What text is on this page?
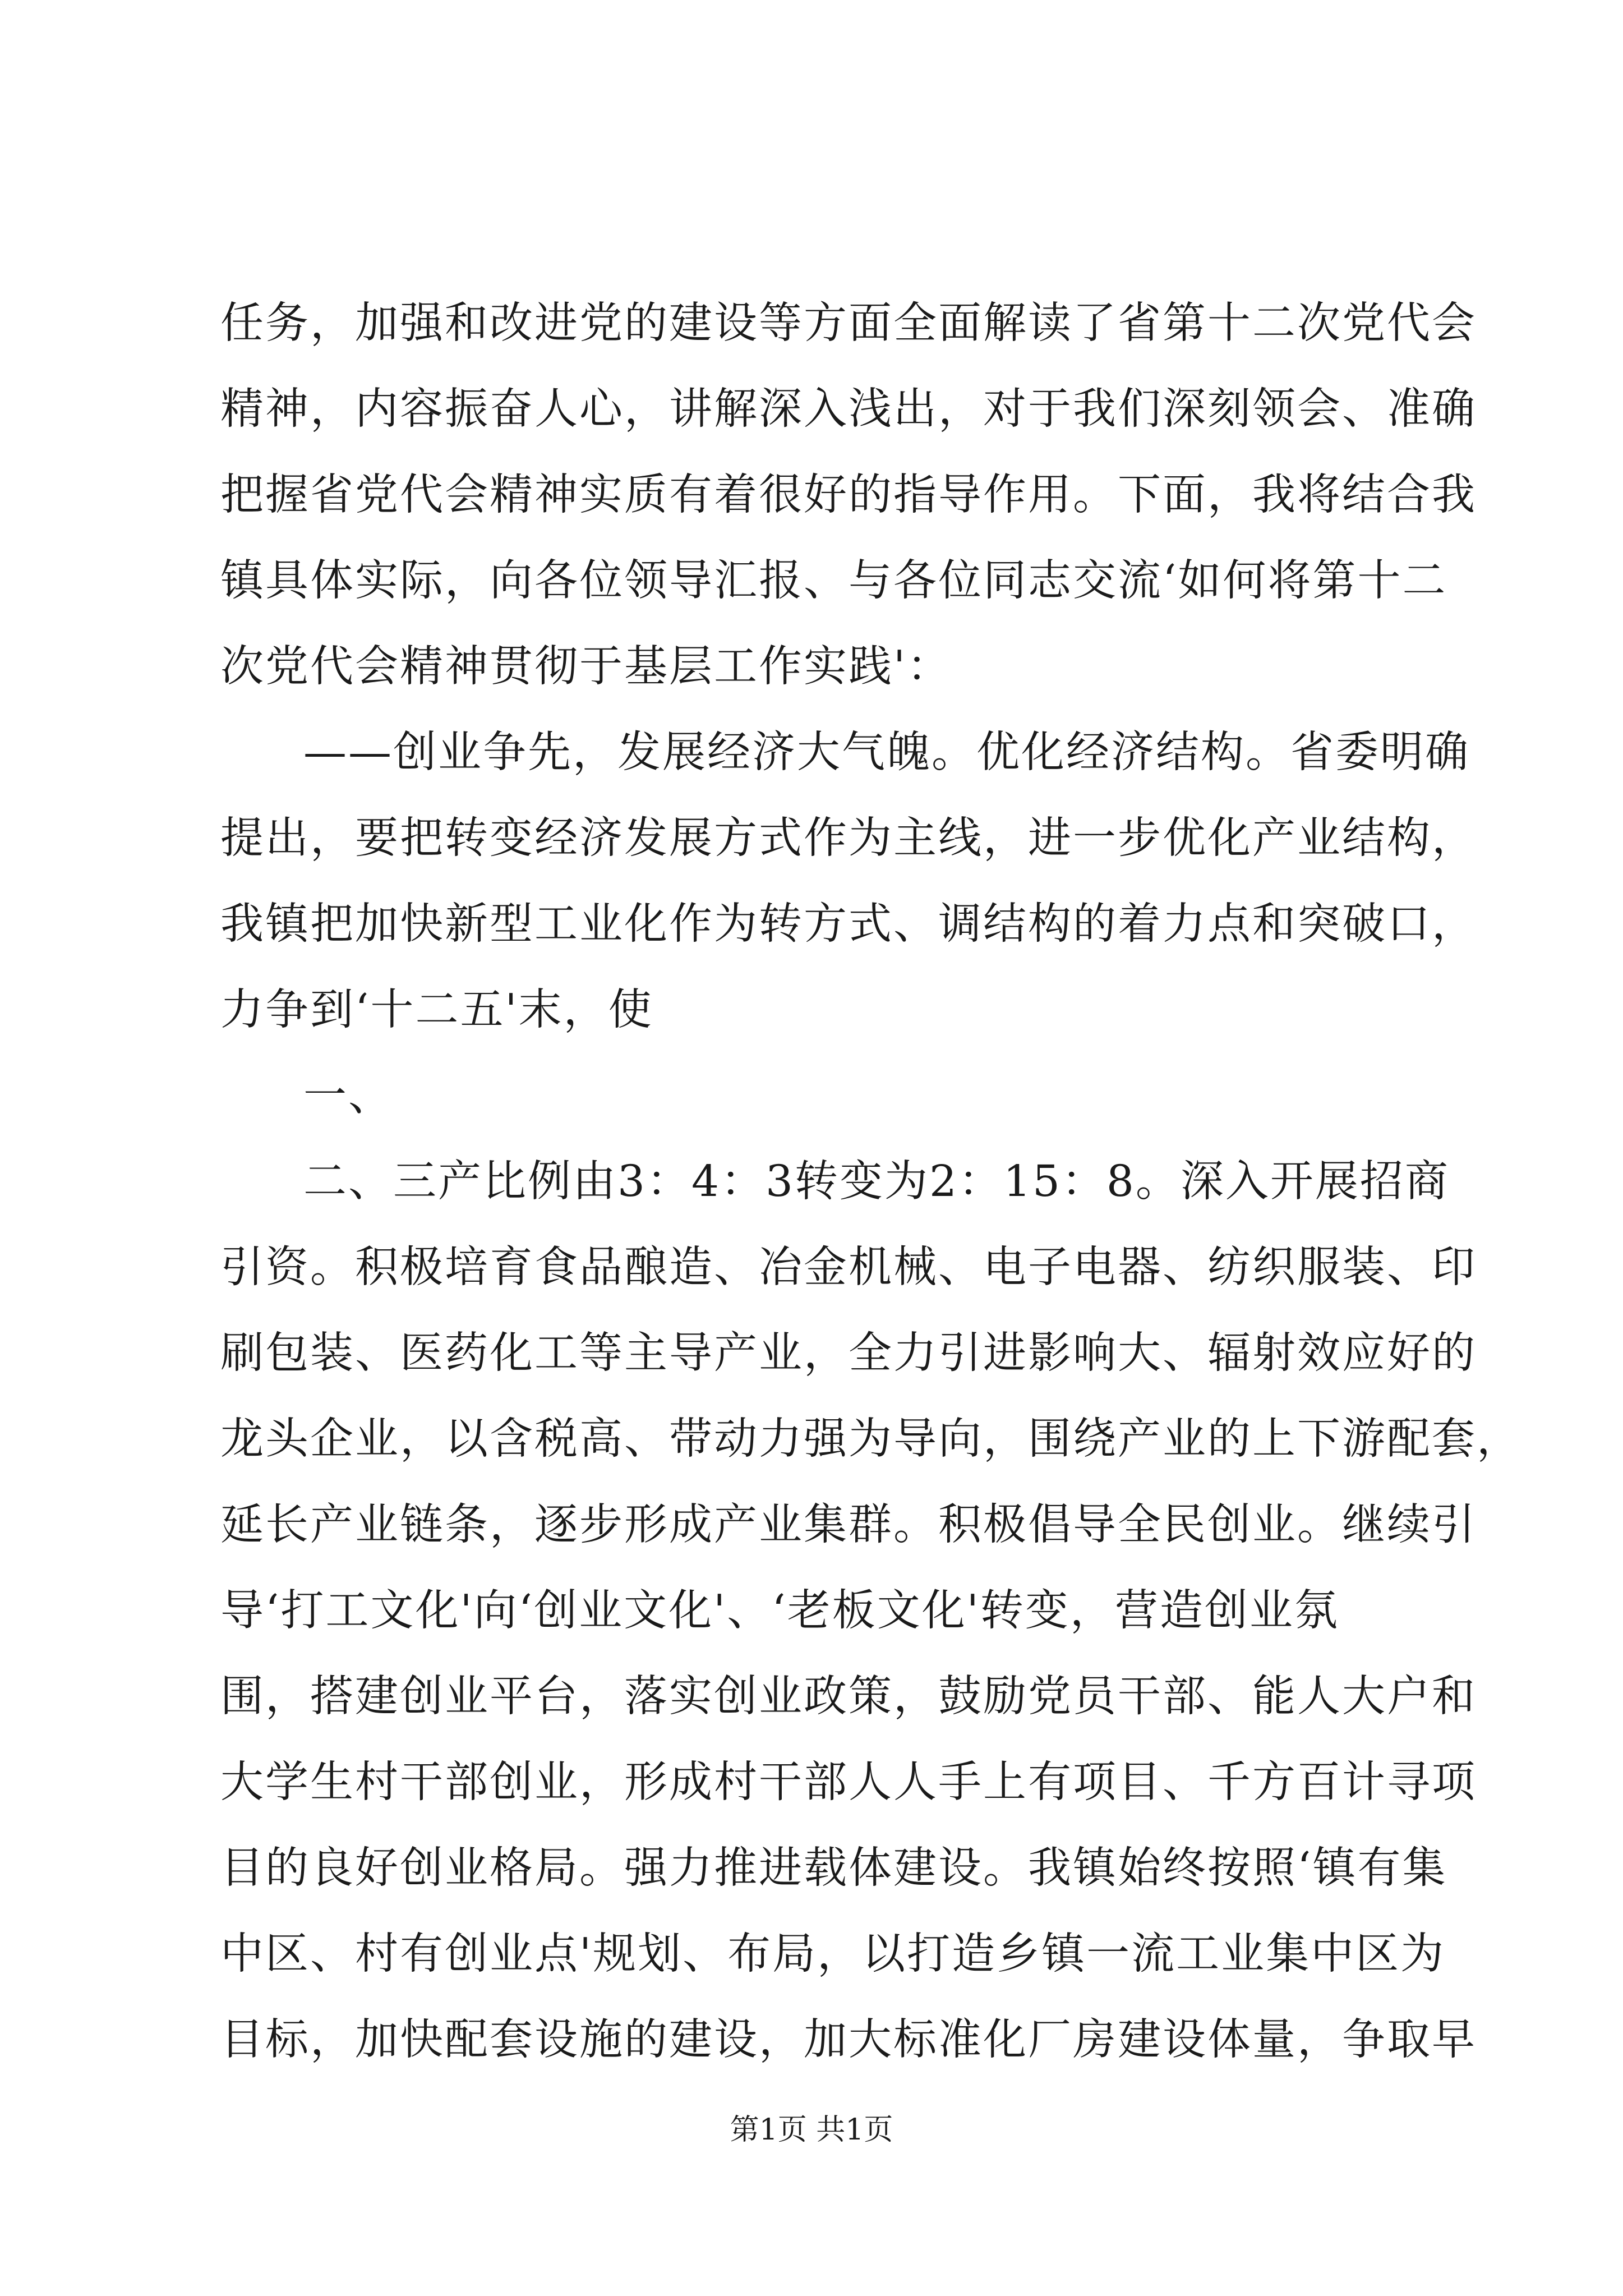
任务，加强和改进党的建设等方面全面解读了省第十二次党代会
精神，内容振奋人心，讲解深入浅出，对于我们深刻领会、准确
把握省党代会精神实质有着很好的指导作用。下面，我将结合我
镇具体实际，向各位领导汇报、与各位同志交流‘如何将第十二
次党代会精神贯彻于基层工作实践'：
——创业争先，发展经济大气魄。优化经济结构。省委明确
提出，要把转变经济发展方式作为主线，进一步优化产业结构，
我镇把加快新型工业化作为转方式、调结构的着力点和突破口，
力争到‘十二五'末，使
一、
二、三产比例由3：4：3转变为2：15：8。深入开展招商
引资。积极培育食品酿造、冶金机械、电子电器、纺织服装、印
刷包装、医药化工等主导产业，全力引进影响大、辐射效应好的
龙头企业，以含税高、带动力强为导向，围绕产业的上下游配套，
延长产业链条，逐步形成产业集群。积极倡导全民创业。继续引
导‘打工文化'向‘创业文化'、‘老板文化'转变，营造创业氛
围，搭建创业平台，落实创业政策，鼓励党员干部、能人大户和
大学生村干部创业，形成村干部人人手上有项目、千方百计寻项
目的良好创业格局。强力推进载体建设。我镇始终按照‘镇有集
中区、村有创业点'规划、布局，以打造乡镇一流工业集中区为
目标，加快配套设施的建设，加大标准化厂房建设体量，争取早
第1页 共1页
